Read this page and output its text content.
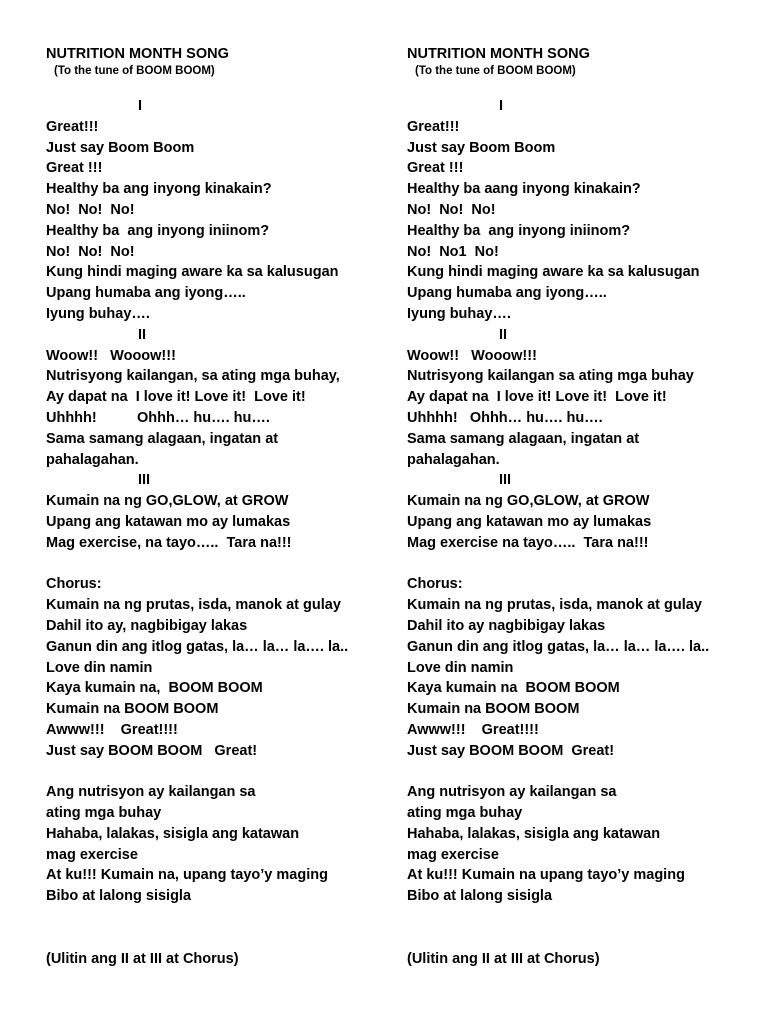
NUTRITION MONTH SONG
(To the tune of BOOM BOOM)
I
Great!!!
Just say Boom Boom
Great !!!
Healthy ba ang inyong kinakain?
No!  No!  No!
Healthy ba  ang inyong iniinom?
No!  No!  No!
Kung hindi maging aware ka sa kalusugan
Upang humaba ang iyong…..
Iyung buhay….
II
Woow!!   Wooow!!!
Nutrisyong kailangan, sa ating mga buhay,
Ay dapat na  I love it! Love it!  Love it!
Uhhhh!          Ohhh… hu…. hu….
Sama samang alagaan, ingatan at
pahalagahan.
III
Kumain na ng GO,GLOW, at GROW
Upang ang katawan mo ay lumakas
Mag exercise, na tayo…..  Tara na!!!
Chorus:
Kumain na ng prutas, isda, manok at gulay
Dahil ito ay, nagbibigay lakas
Ganun din ang itlog gatas, la… la… la…. la..
Love din namin
Kaya kumain na,  BOOM BOOM
Kumain na BOOM BOOM
Awww!!!    Great!!!!
Just say BOOM BOOM   Great!
Ang nutrisyon ay kailangan sa
ating mga buhay
Hahaba, lalakas, sisigla ang katawan
mag exercise
At ku!!! Kumain na, upang tayo’y maging
Bibo at lalong sisigla
(Ulitin ang II at III at Chorus)
NUTRITION MONTH SONG
(To the tune of BOOM BOOM)
I
Great!!!
Just say Boom Boom
Great !!!
Healthy ba aang inyong kinakain?
No!  No!  No!
Healthy ba  ang inyong iniinom?
No!  No1  No!
Kung hindi maging aware ka sa kalusugan
Upang humaba ang iyong…..
Iyung buhay….
II
Woow!!   Wooow!!!
Nutrisyong kailangan sa ating mga buhay
Ay dapat na  I love it! Love it!  Love it!
Uhhhh!   Ohhh… hu…. hu….
Sama samang alagaan, ingatan at
pahalagahan.
III
Kumain na ng GO,GLOW, at GROW
Upang ang katawan mo ay lumakas
Mag exercise na tayo…..  Tara na!!!
Chorus:
Kumain na ng prutas, isda, manok at gulay
Dahil ito ay nagbibigay lakas
Ganun din ang itlog gatas, la… la… la…. la..
Love din namin
Kaya kumain na  BOOM BOOM
Kumain na BOOM BOOM
Awww!!!    Great!!!!
Just say BOOM BOOM  Great!
Ang nutrisyon ay kailangan sa
ating mga buhay
Hahaba, lalakas, sisigla ang katawan
mag exercise
At ku!!! Kumain na upang tayo’y maging
Bibo at lalong sisigla
(Ulitin ang II at III at Chorus)
